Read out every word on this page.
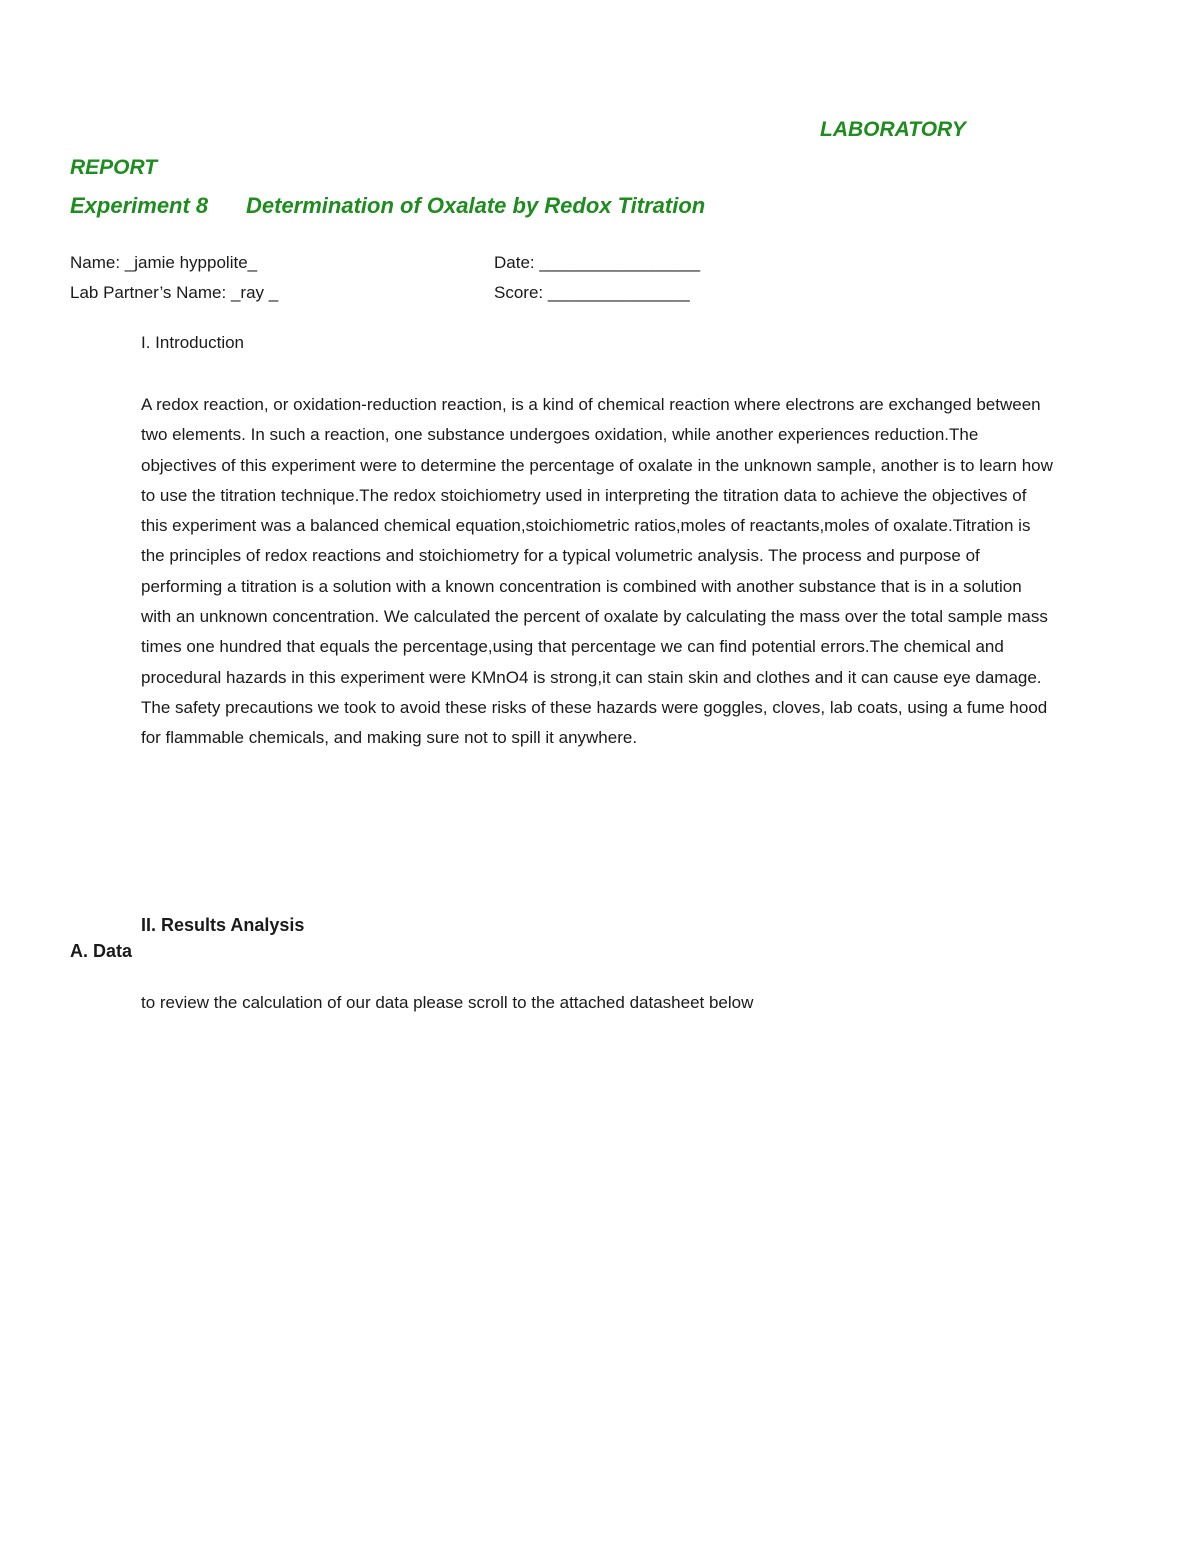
LABORATORY
REPORT
Experiment 8 Determination of Oxalate by Redox Titration

Name: _jamie hyppolite_

Lab Partner’s Name: _ray _

Date: _________________

Score: _______________

I. Introduction

A redox reaction, or oxidation-reduction reaction, is a kind of chemical reaction where electrons are exchanged between two elements. In such a reaction, one substance undergoes oxidation, while another experiences reduction.The objectives of this experiment were to determine the percentage of oxalate in the unknown sample, another is to learn how to use the titration technique.The redox stoichiometry used in interpreting the titration data to achieve the objectives of this experiment was a balanced chemical equation,stoichiometric ratios,moles of reactants,moles of oxalate.Titration is the principles of redox reactions and stoichiometry for a typical volumetric analysis. The process and purpose of performing a titration is a solution with a known concentration is combined with another substance that is in a solution with an unknown concentration. We calculated the percent of oxalate by calculating the mass over the total sample mass times one hundred that equals the percentage,using that percentage we can find potential errors.The chemical and procedural hazards in this experiment were KMnO4 is strong,it can stain skin and clothes and it can cause eye damage. The safety precautions we took to avoid these risks of these hazards were goggles, cloves, lab coats, using a fume hood for flammable chemicals, and making sure not to spill it anywhere.

II. Results Analysis

A. Data

to review the calculation of our data please scroll to the attached datasheet below
